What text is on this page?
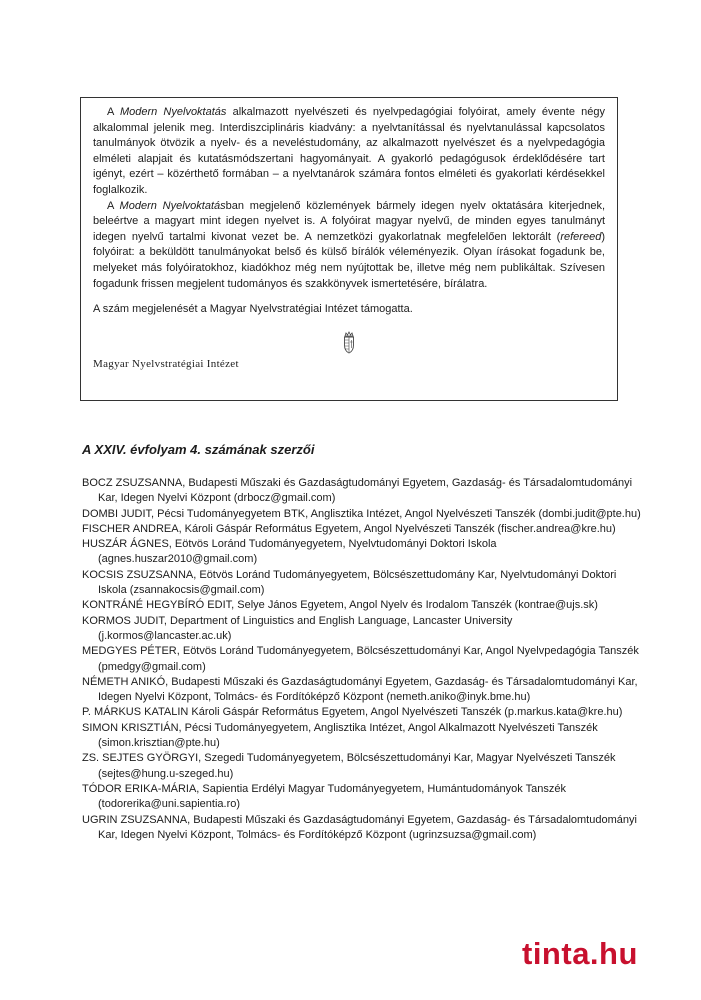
A Modern Nyelvoktatás alkalmazott nyelvészeti és nyelvpedagógiai folyóirat, amely évente négy alkalommal jelenik meg. Interdiszciplináris kiadvány: a nyelvtanítással és nyelvtanulással kapcsolatos tanulmányok ötvözik a nyelv- és a neveléstudomány, az alkalmazott nyelvészet és a nyelvpedagógia elméleti alapjait és kutatásmódszertani hagyományait. A gyakorló pedagógusok érdeklődésére tart igényt, ezért – közérthető formában – a nyelvtanárok számára fontos elméleti és gyakorlati kérdésekkel foglalkozik.

A Modern Nyelvoktatásban megjelenő közlemények bármely idegen nyelv oktatására kiterjednek, beleértve a magyart mint idegen nyelvet is. A folyóirat magyar nyelvű, de minden egyes tanulmányt idegen nyelvű tartalmi kivonat vezet be. A nemzetközi gyakorlatnak megfelelően lektorált (refereed) folyóirat: a beküldött tanulmányokat belső és külső bírálók véleményezik. Olyan írásokat fogadunk be, melyeket más folyóiratokhoz, kiadókhoz még nem nyújtottak be, illetve még nem publikáltak. Szívesen fogadunk frissen megjelent tudományos és szakkönyvek ismertetésére, bírálatra.

A szám megjelenését a Magyar Nyelvstratégiai Intézet támogatta.

Magyar Nyelvstratégiai Intézet

A XXIV. évfolyam 4. számának szerzői
BOCZ ZSUZSANNA, Budapesti Műszaki és Gazdaságtudományi Egyetem, Gazdaság- és Társadalomtudományi Kar, Idegen Nyelvi Központ (drbocz@gmail.com)
DOMBI JUDIT, Pécsi Tudományegyetem BTK, Anglisztika Intézet, Angol Nyelvészeti Tanszék (dombi.judit@pte.hu)
FISCHER ANDREA, Károli Gáspár Református Egyetem, Angol Nyelvészeti Tanszék (fischer.andrea@kre.hu)
HUSZÁR ÁGNES, Eötvös Loránd Tudományegyetem, Nyelvtudományi Doktori Iskola (agnes.huszar2010@gmail.com)
KOCSIS ZSUZSANNA, Eötvös Loránd Tudományegyetem, Bölcsészettudomány Kar, Nyelvtudományi Doktori Iskola (zsannakocsis@gmail.com)
KONTRÁNÉ HEGYBÍRÓ EDIT, Selye János Egyetem, Angol Nyelv és Irodalom Tanszék (kontrae@ujs.sk)
KORMOS JUDIT, Department of Linguistics and English Language, Lancaster University (j.kormos@lancaster.ac.uk)
MEDGYES PÉTER, Eötvös Loránd Tudományegyetem, Bölcsészettudományi Kar, Angol Nyelvpedagógia Tanszék (pmedgy@gmail.com)
NÉMETH ANIKÓ, Budapesti Műszaki és Gazdaságtudományi Egyetem, Gazdaság- és Társadalomtudományi Kar, Idegen Nyelvi Központ, Tolmács- és Fordítóképző Központ (nemeth.aniko@inyk.bme.hu)
P. MÁRKUS KATALIN Károli Gáspár Református Egyetem, Angol Nyelvészeti Tanszék (p.markus.kata@kre.hu)
SIMON KRISZTIÁN, Pécsi Tudományegyetem, Anglisztika Intézet, Angol Alkalmazott Nyelvészeti Tanszék (simon.krisztian@pte.hu)
ZS. SEJTES GYÖRGYI, Szegedi Tudományegyetem, Bölcsészettudományi Kar, Magyar Nyelvészeti Tanszék (sejtes@hung.u-szeged.hu)
TÓDOR ERIKA-MÁRIA, Sapientia Erdélyi Magyar Tudományegyetem, Humántudományok Tanszék (todorerika@uni.sapientia.ro)
UGRIN ZSUZSANNA, Budapesti Műszaki és Gazdaságtudományi Egyetem, Gazdaság- és Társadalomtudományi Kar, Idegen Nyelvi Központ, Tolmács- és Fordítóképző Központ (ugrinzsuzsa@gmail.com)
tinta.hu
